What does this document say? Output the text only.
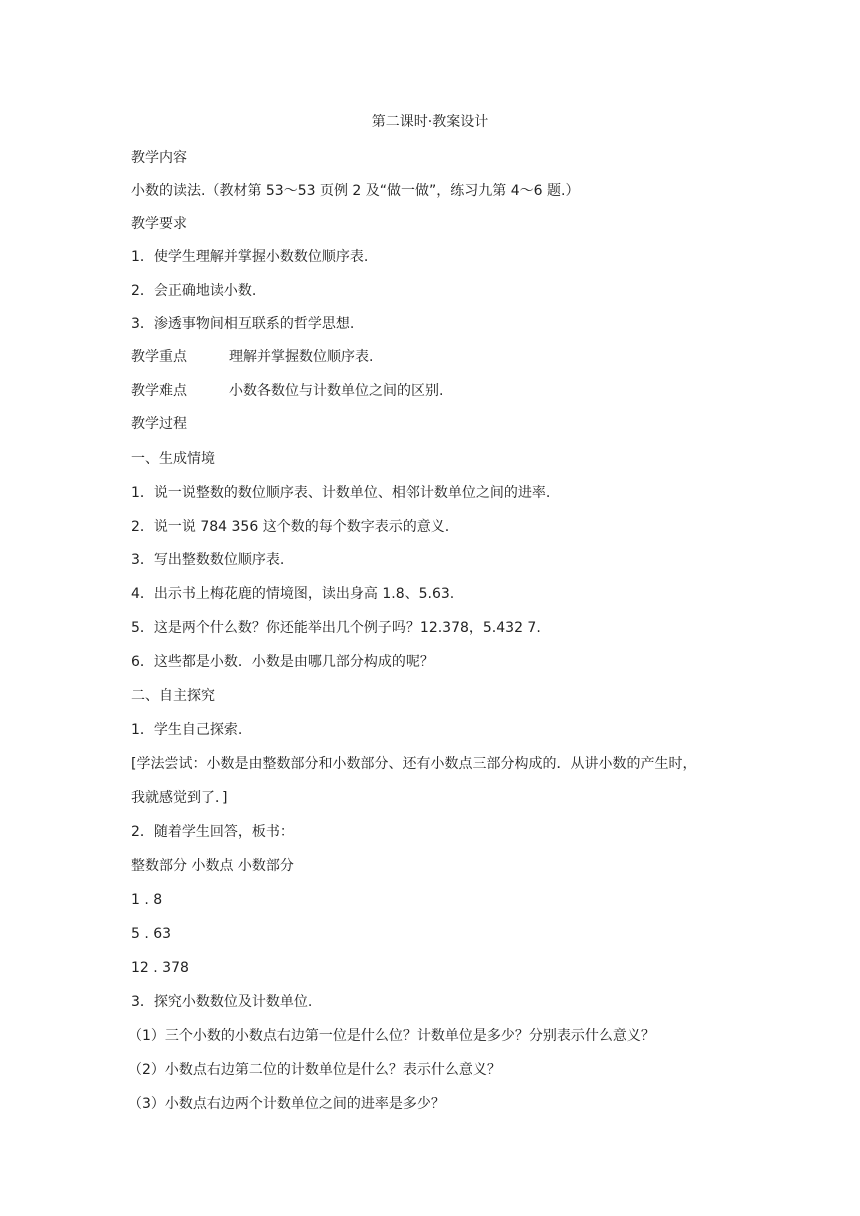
第二课时·教案设计
教学内容
小数的读法.（教材第 53～53 页例 2 及“做一做”，练习九第 4～6 题.）
教学要求
1．使学生理解并掌握小数数位顺序表.
2．会正确地读小数.
3．渗透事物间相互联系的哲学思想.
教学重点	理解并掌握数位顺序表.
教学难点	小数各数位与计数单位之间的区别.
教学过程
一、生成情境
1．说一说整数的数位顺序表、计数单位、相邻计数单位之间的进率.
2．说一说 784 356 这个数的每个数字表示的意义.
3．写出整数数位顺序表.
4．出示书上梅花鹿的情境图，读出身高 1.8、5.63.
5．这是两个什么数？你还能举出几个例子吗？12.378，5.432 7.
6．这些都是小数．小数是由哪几部分构成的呢？
二、自主探究
1．学生自己探索.
[学法尝试：小数是由整数部分和小数部分、还有小数点三部分构成的．从讲小数的产生时，
我就感觉到了．]
2．随着学生回答，板书：
整数部分 小数点 小数部分
1 . 8
5 . 63
12 . 378
3．探究小数数位及计数单位.
（1）三个小数的小数点右边第一位是什么位？计数单位是多少？分别表示什么意义？
（2）小数点右边第二位的计数单位是什么？表示什么意义？
（3）小数点右边两个计数单位之间的进率是多少？
